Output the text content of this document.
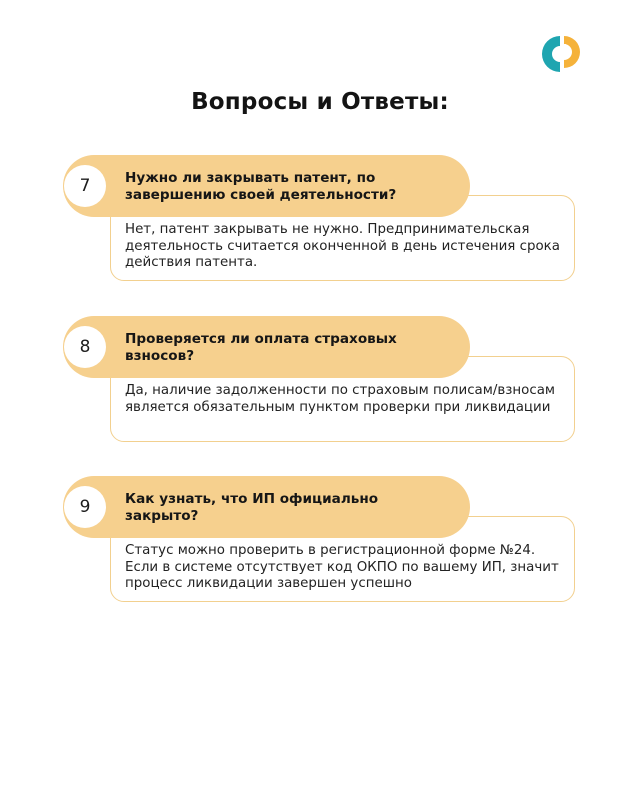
Вопросы и Ответы:

Нет, патент закрывать не нужно. Предпринимательская деятельность считается оконченной в день истечения срока действия патента.

7	Нужно ли закрывать патент, по завершению своей деятельности?

Да, наличие задолженности по страховым полисам/взносам является обязательным пунктом проверки при ликвидации

8	Проверяется ли оплата страховых взносов?

Статус можно проверить в регистрационной форме №24. Если в системе отсутствует код ОКПО по вашему ИП, значит процесс ликвидации завершен успешно

9	Как узнать, что ИП официально закрыто?
